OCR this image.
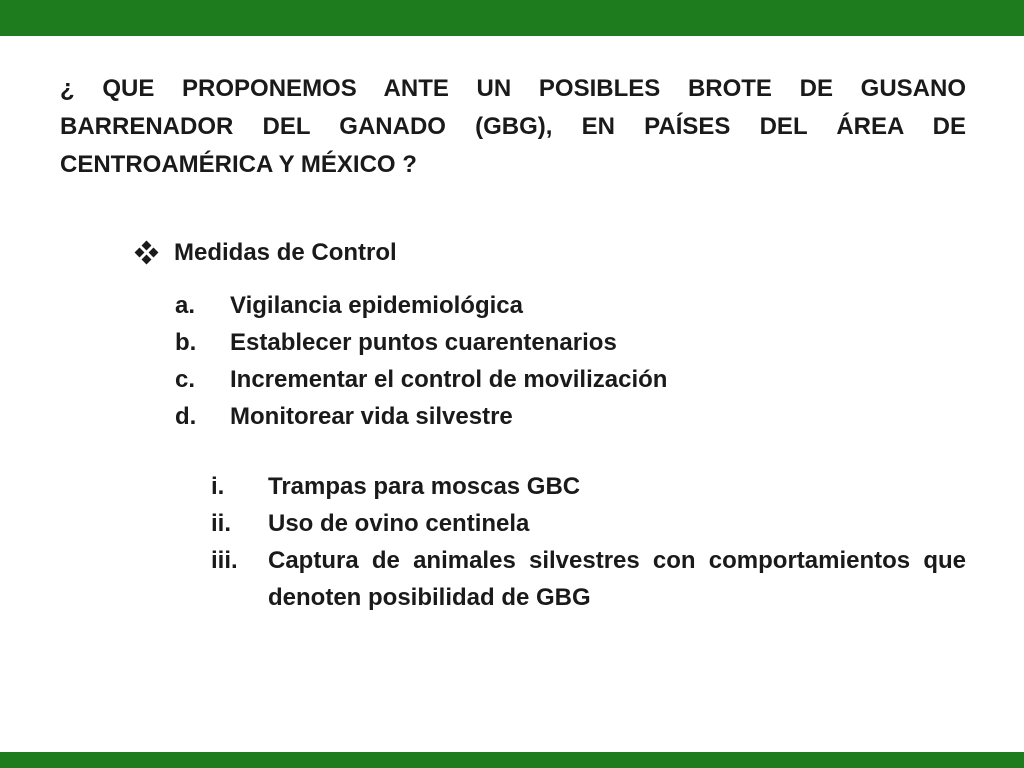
¿ QUE PROPONEMOS ANTE UN POSIBLES BROTE DE GUSANO BARRENADOR DEL GANADO (GBG), EN PAÍSES DEL ÁREA DE CENTROAMÉRICA Y MÉXICO ?

Medidas de Control
a.	Vigilancia epidemiológica
b.	Establecer puntos cuarentenarios
c.	Incrementar el control de movilización
d.	Monitorear vida silvestre
i.	Trampas para moscas GBC
ii.	Uso de ovino centinela
iii.	Captura de animales silvestres con comportamientos que denoten posibilidad de GBG
